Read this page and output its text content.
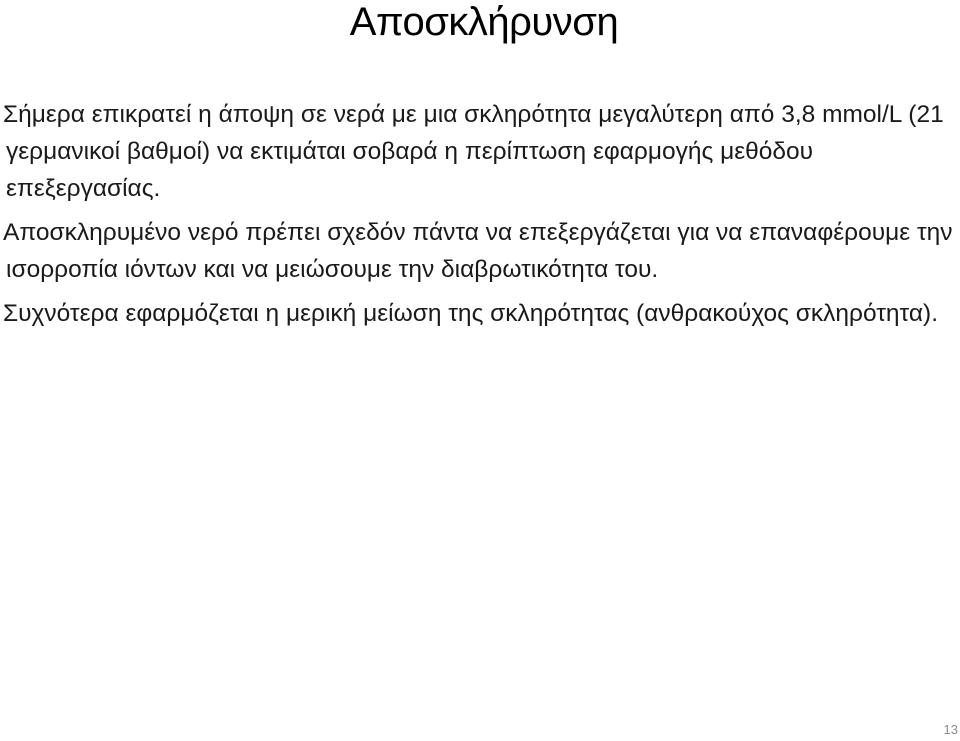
Αποσκλήρυνση

Σήμερα επικρατεί η άποψη σε νερά με μια σκληρότητα μεγαλύτερη από 3,8 mmol/L (21 γερμανικοί βαθμοί) να εκτιμάται σοβαρά η περίπτωση εφαρμογής μεθόδου επεξεργασίας.

Αποσκληρυμένο νερό πρέπει σχεδόν πάντα να επεξεργάζεται για να επαναφέρουμε την ισορροπία ιόντων και να μειώσουμε την διαβρωτικότητα του.

Συχνότερα εφαρμόζεται η μερική μείωση της σκληρότητας (ανθρακούχος σκληρότητα).

13
